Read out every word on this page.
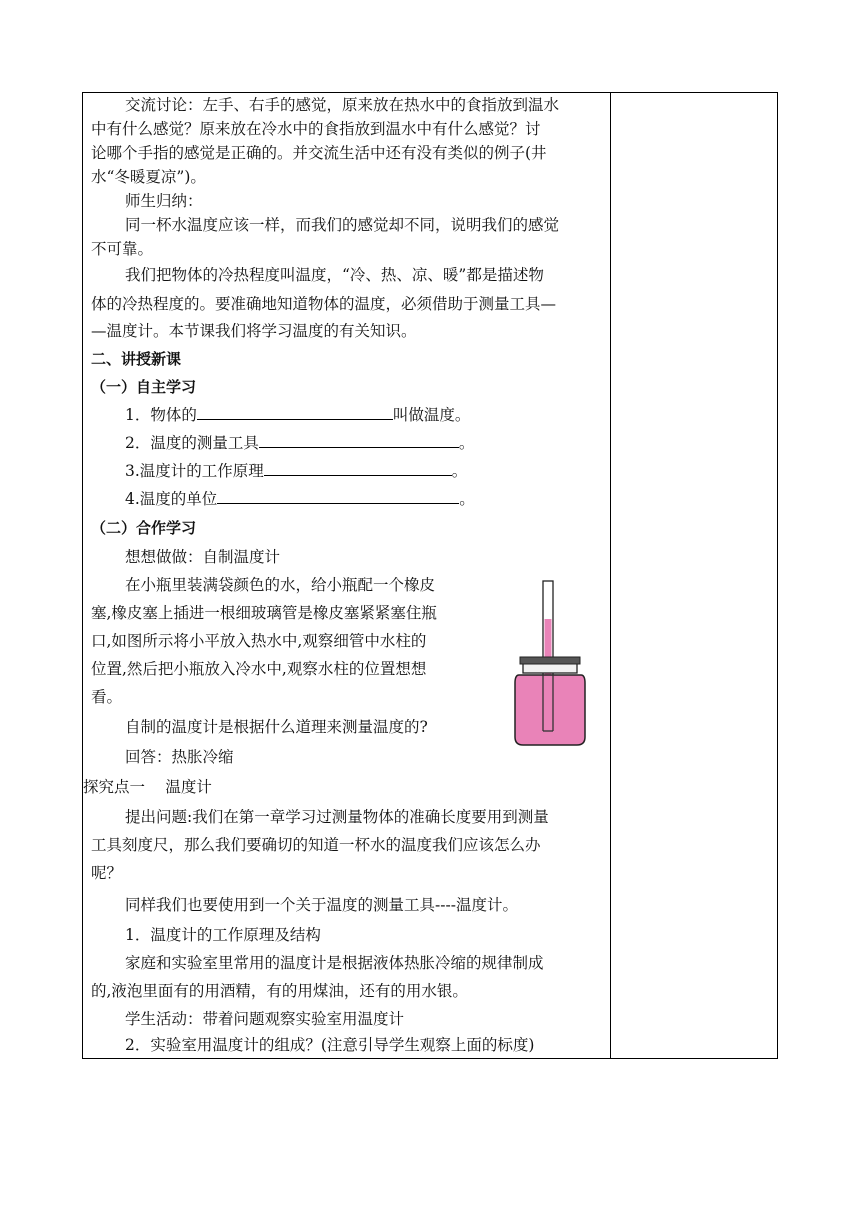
交流讨论：左手、右手的感觉，原来放在热水中的食指放到温水
中有什么感觉？原来放在冷水中的食指放到温水中有什么感觉？讨
论哪个手指的感觉是正确的。并交流生活中还有没有类似的例子(井
水“冬暖夏凉”)。
师生归纳：
同一杯水温度应该一样，而我们的感觉却不同，说明我们的感觉
不可靠。
我们把物体的冷热程度叫温度，“冷、热、凉、暖”都是描述物
体的冷热程度的。要准确地知道物体的温度，必须借助于测量工具—
—温度计。本节课我们将学习温度的有关知识。
二、讲授新课
（一）自主学习
1．物体的	叫做温度。
2．温度的测量工具	。
3.温度计的工作原理	。
4.温度的单位	。
（二）合作学习
想想做做：自制温度计
在小瓶里装满袋颜色的水，给小瓶配一个橡皮
塞,橡皮塞上插进一根细玻璃管是橡皮塞紧紧塞住瓶
口,如图所示将小平放入热水中,观察细管中水柱的
位置,然后把小瓶放入冷水中,观察水柱的位置想想
看。
自制的温度计是根据什么道理来测量温度的?
回答：热胀冷缩
探究点一　 温度计
提出问题:我们在第一章学习过测量物体的准确长度要用到测量
工具刻度尺，那么我们要确切的知道一杯水的温度我们应该怎么办
呢？
同样我们也要使用到一个关于温度的测量工具----温度计。
1．温度计的工作原理及结构
家庭和实验室里常用的温度计是根据液体热胀冷缩的规律制成
的,液泡里面有的用酒精，有的用煤油，还有的用水银。
学生活动：带着问题观察实验室用温度计
2．实验室用温度计的组成？(注意引导学生观察上面的标度)
